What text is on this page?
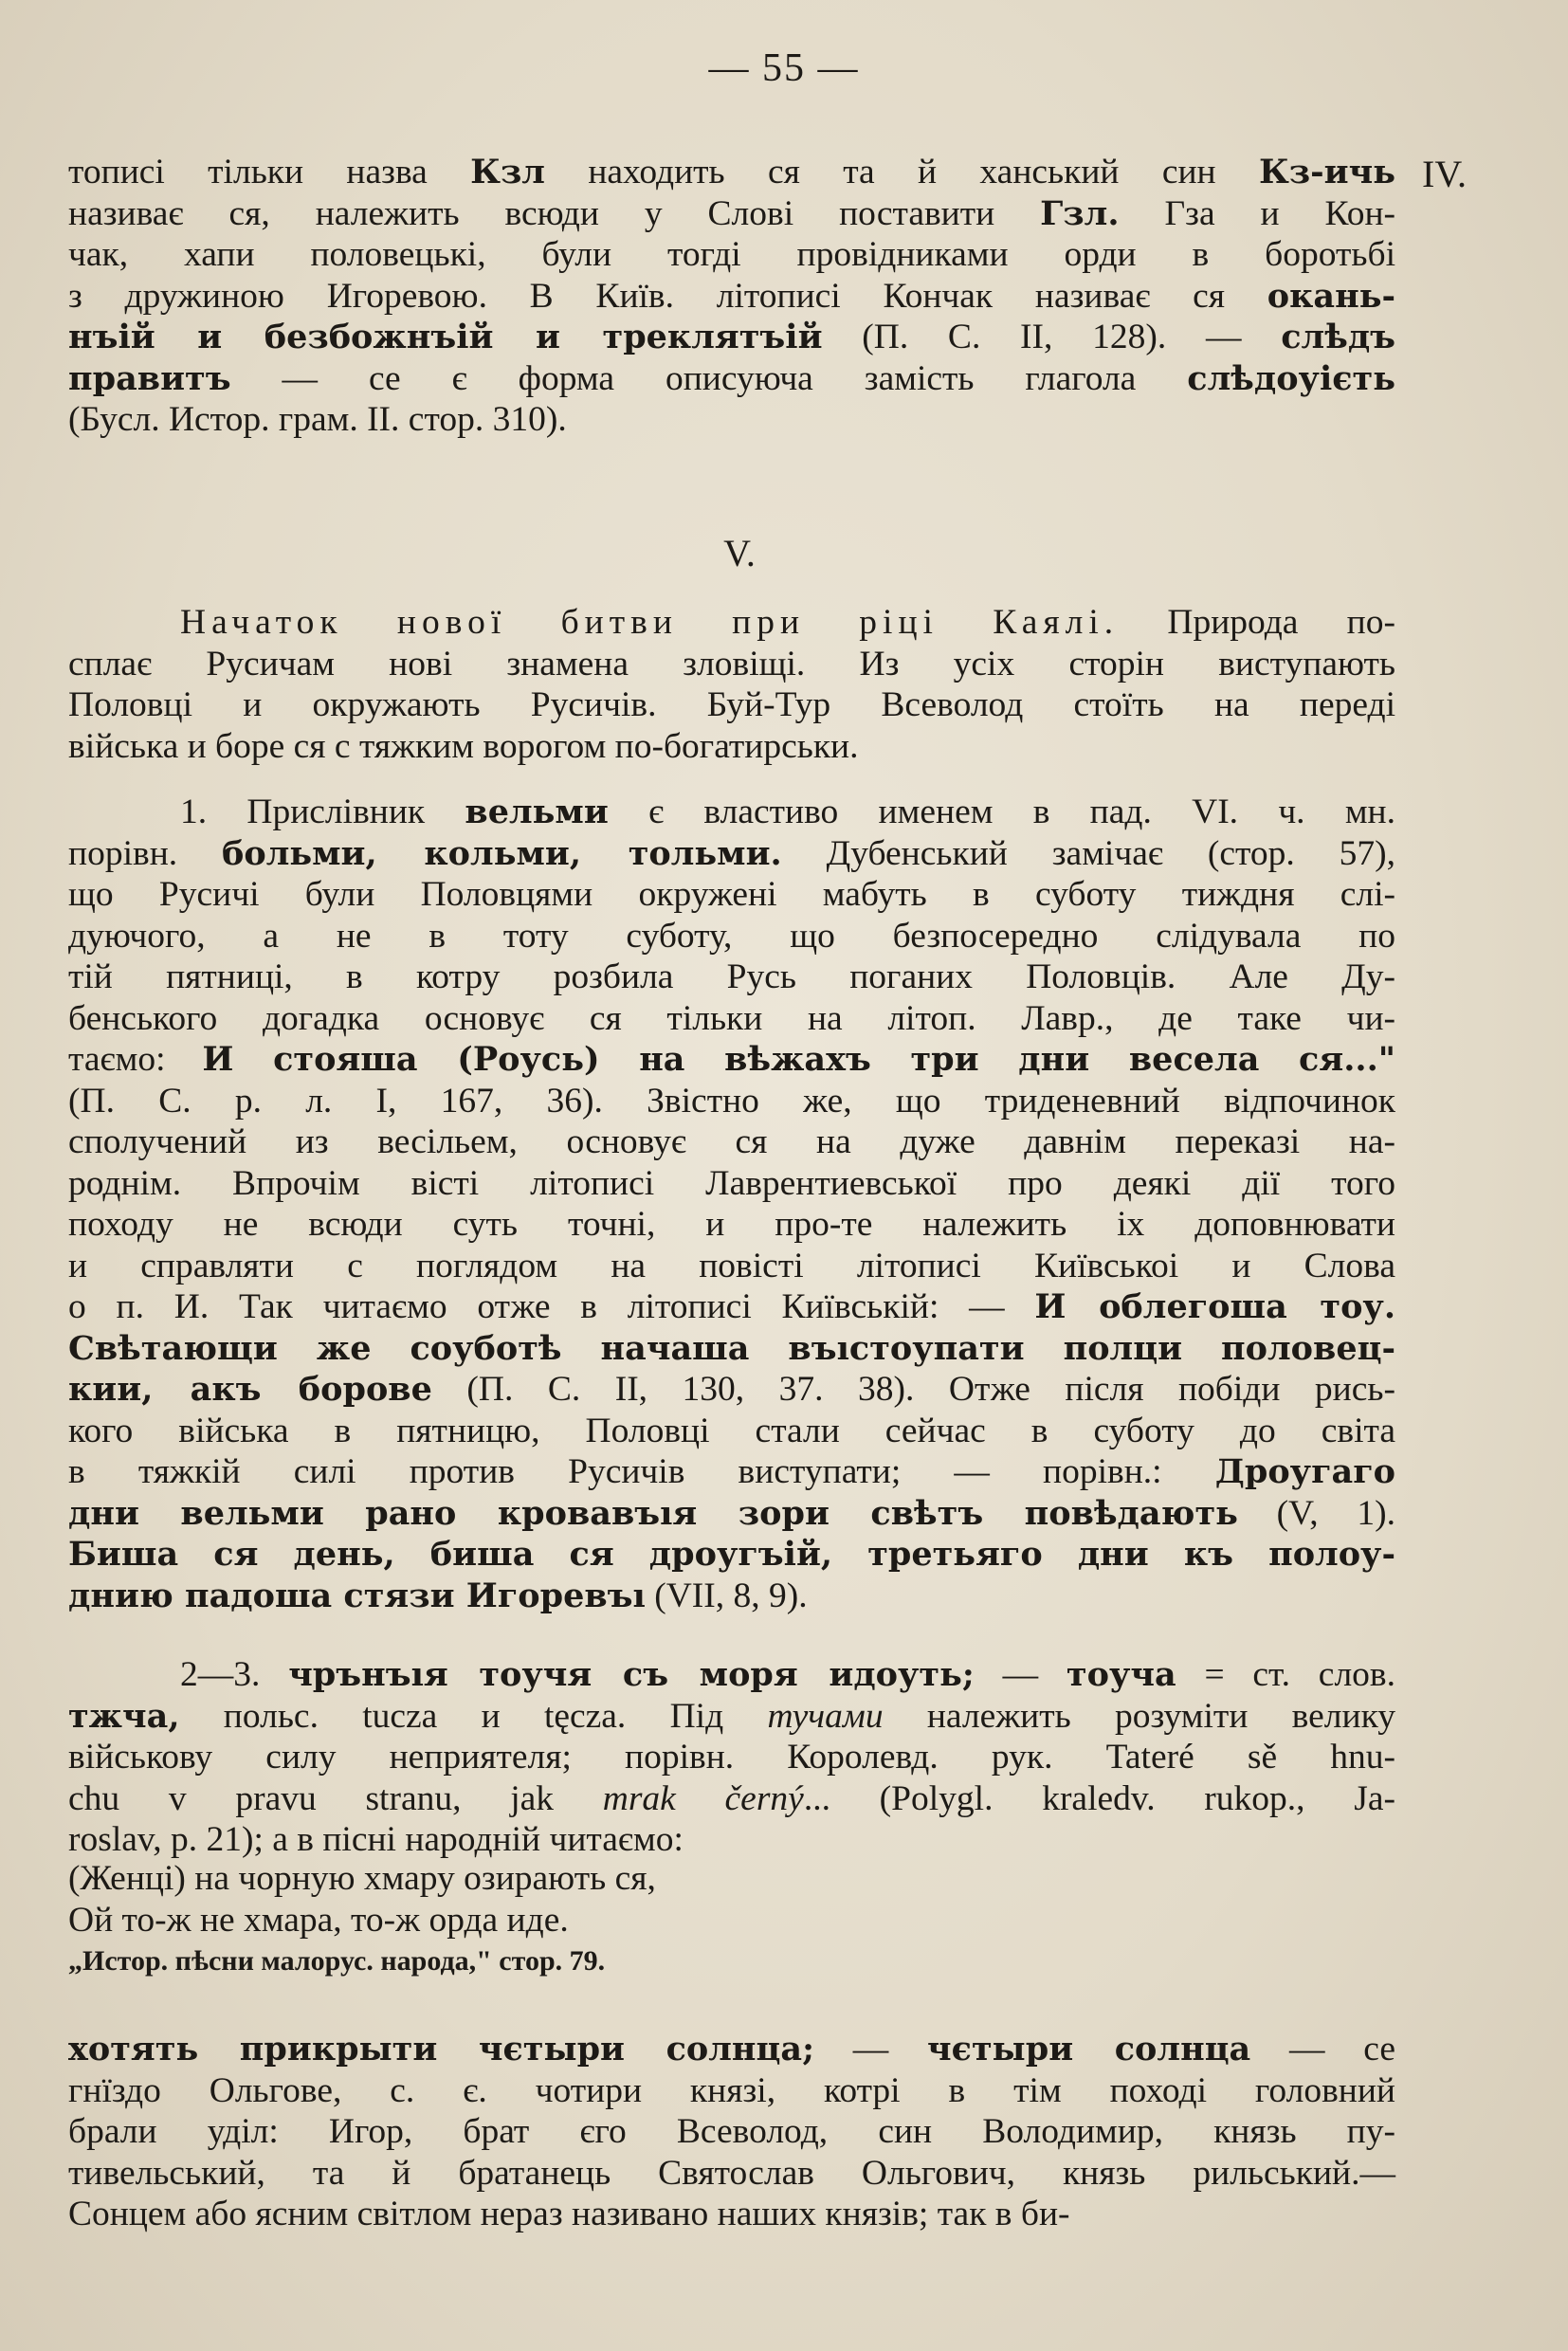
— 55 —
IV.

тописі тільки назва Кзл находить ся та й ханський син Кз-ичь

називає ся, належить всюди у Слові поставити Гзл. Гза и Кон-

чак, хапи половецькі, були тогді провідниками орди в боротьбі

з дружиною Игоревою. В Київ. літописі Кончак називає ся окань-

нъій и безбожнъій и треклятъій (П. С. II, 128). — слѣдъ

правитъ — се є форма описуюча замість глагола слѣдоуієть

(Бусл. Истор. грам. II. стор. 310).

V.

Начаток нової битви при ріці Каялі. Природа по-

сплає Русичам нові знамена зловіщі. Из усіх сторін виступають

Половці и окружають Русичів. Буй-Тур Всеволод стоїть на переді

війська и боре ся с тяжким ворогом по-богатирськи.

1. Прислівник вельми є властиво именем в пад. VI. ч. мн.

порівн. больми, кольми, тольми. Дубенський замічає (стор. 57),

що Русичі були Половцями окружені мабуть в суботу тиждня слі-

дуючого, а не в тоту суботу, що безпосередно слідувала по

тій пятниці, в котру розбила Русь поганих Половців. Але Ду-

бенського догадка основує ся тільки на літоп. Лавр., де таке чи-

таємо: И стояша (Роусь) на вѣжахъ три дни весела ся..."

(П. С. р. л. I, 167, 36). Звістно же, що триденевний відпочинок

сполучений из весільем, основує ся на дуже давнім переказі на-

роднім. Впрочім вісті літописі Лаврентиевської про деякі дії того

походу не всюди суть точні, и про-те належить іх доповнювати

и справляти с поглядом на повісті літописі Київськоі и Слова

о п. И. Так читаємо отже в літописі Київській: — И облегоша тоу.

Свѣтающи же соуботѣ начаша въıстоупати полци половец-

кии, акъ борове (П. С. II, 130, 37. 38). Отже після побіди рись-

кого війська в пятницю, Половці стали сейчас в суботу до світа

в тяжкій силі против Русичів виступати; — порівн.: Дроугаго

дни вельми рано кровавъıя зори свѣтъ повѣдають (V, 1).

Биша ся день, биша ся дроугъій, третьяго дни къ полоу-

днию падоша стязи Игоревъı (VII, 8, 9).

2—3. чрънъıя тоучя съ моря идоуть; — тоуча = ст. слов.

тжча, польс. tucza и tęcza. Під тучами належить розуміти велику

військову силу неприятеля; порівн. Королевд. рук. Tateré sě hnu-

chu v pravu stranu, jak mrak černý... (Polygl. kraledv. rukop., Ja-

roslav, p. 21); а в пісні народній читаємо:

(Женці) на чорную хмару озирають ся,

Ой то-ж не хмара, то-ж орда иде.

„Истор. пѣсни малорус. народа," стор. 79.

хотять прикрыти чєтыри солнца; — чєтыри солнца — се

гнїздо Ольгове, с. є. чотири князі, котрі в тім поході головний

брали уділ: Игор, брат єго Всеволод, син Володимир, князь пу-

тивельський, та й братанець Святослав Ольгович, князь рильський.—

Сонцем або ясним світлом нераз називано наших князів; так в би-
